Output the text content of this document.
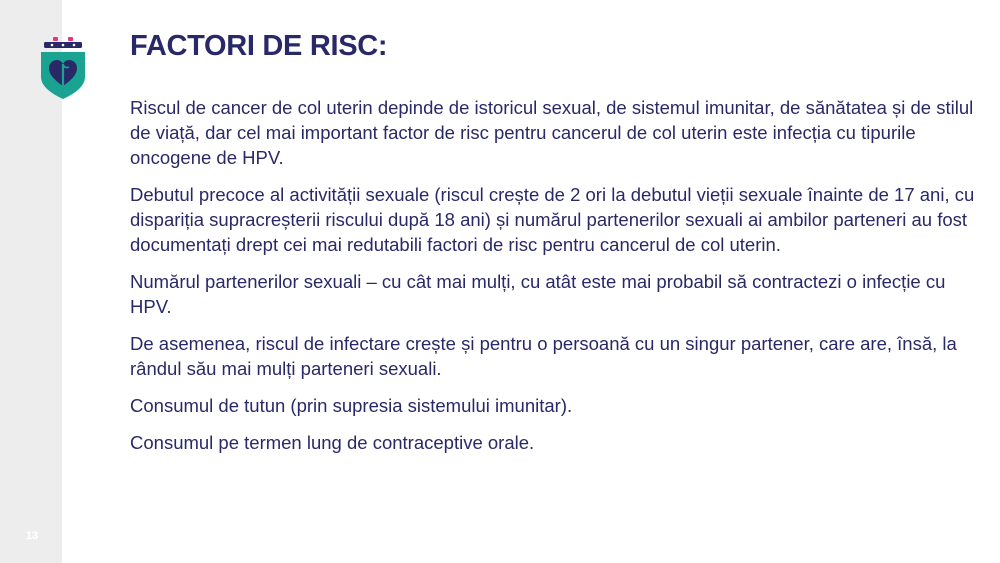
13
FACTORI DE RISC:

Riscul de cancer de col uterin depinde de istoricul sexual, de sistemul imunitar, de sănătatea și de stilul de viață, dar cel mai important factor de risc pentru cancerul de col uterin este infecția cu tipurile oncogene de HPV.

Debutul precoce al activității sexuale (riscul crește de 2 ori la debutul vieții sexuale înainte de 17 ani, cu dispariția supracreșterii riscului după 18 ani) și numărul partenerilor sexuali ai ambilor parteneri au fost documentați drept cei mai redutabili factori de risc pentru cancerul de col uterin.

Numărul partenerilor sexuali – cu cât mai mulți, cu atât este mai probabil să contractezi o infecție cu HPV.

De asemenea, riscul de infectare crește și pentru o persoană cu un singur partener, care are, însă, la rândul său mai mulți parteneri sexuali.

Consumul de tutun (prin supresia sistemului imunitar).

Consumul pe termen lung de contraceptive orale.
